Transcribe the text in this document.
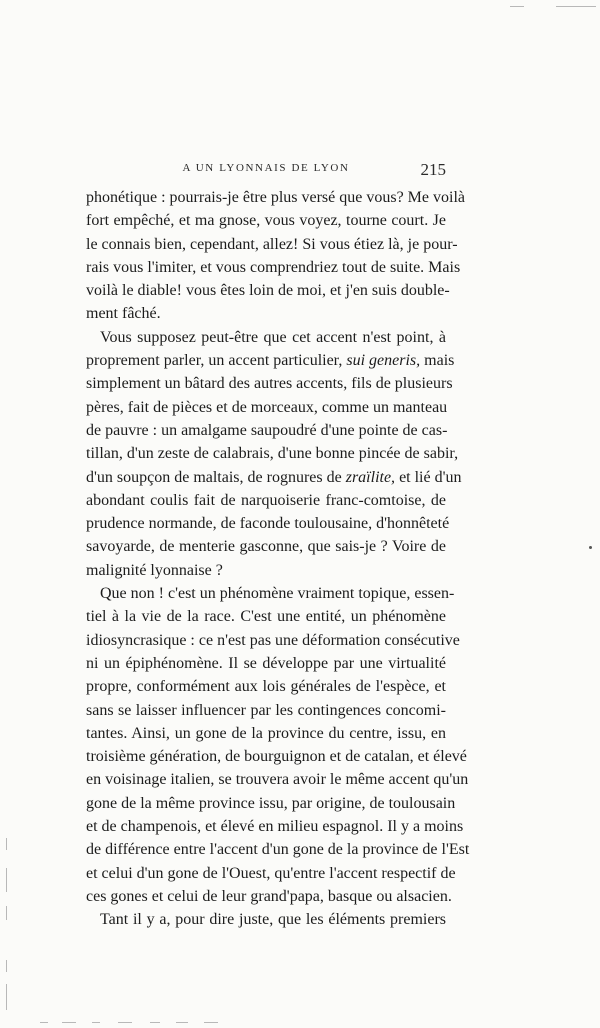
A UN LYONNAIS DE LYON	215
phonétique : pourrais-je être plus versé que vous? Me voilà
fort empêché, et ma gnose, vous voyez, tourne court. Je
le connais bien, cependant, allez! Si vous étiez là, je pour-
rais vous l'imiter, et vous comprendriez tout de suite. Mais
voilà le diable! vous êtes loin de moi, et j'en suis double-
ment fâché.
Vous supposez peut-être que cet accent n'est point, à
proprement parler, un accent particulier, sui generis, mais
simplement un bâtard des autres accents, fils de plusieurs
pères, fait de pièces et de morceaux, comme un manteau
de pauvre : un amalgame saupoudré d'une pointe de cas-
tillan, d'un zeste de calabrais, d'une bonne pincée de sabir,
d'un soupçon de maltais, de rognures de zraïlite, et lié d'un
abondant coulis fait de narquoiserie franc-comtoise, de
prudence normande, de faconde toulousaine, d'honnêteté
savoyarde, de menterie gasconne, que sais-je ? Voire de
malignité lyonnaise ?
Que non ! c'est un phénomène vraiment topique, essen-
tiel à la vie de la race. C'est une entité, un phénomène
idiosyncrasique : ce n'est pas une déformation consécutive
ni un épiphénomène. Il se développe par une virtualité
propre, conformément aux lois générales de l'espèce, et
sans se laisser influencer par les contingences concomi-
tantes. Ainsi, un gone de la province du centre, issu, en
troisième génération, de bourguignon et de catalan, et élevé
en voisinage italien, se trouvera avoir le même accent qu'un
gone de la même province issu, par origine, de toulousain
et de champenois, et élevé en milieu espagnol. Il y a moins
de différence entre l'accent d'un gone de la province de l'Est
et celui d'un gone de l'Ouest, qu'entre l'accent respectif de
ces gones et celui de leur grand'papa, basque ou alsacien.
Tant il y a, pour dire juste, que les éléments premiers
